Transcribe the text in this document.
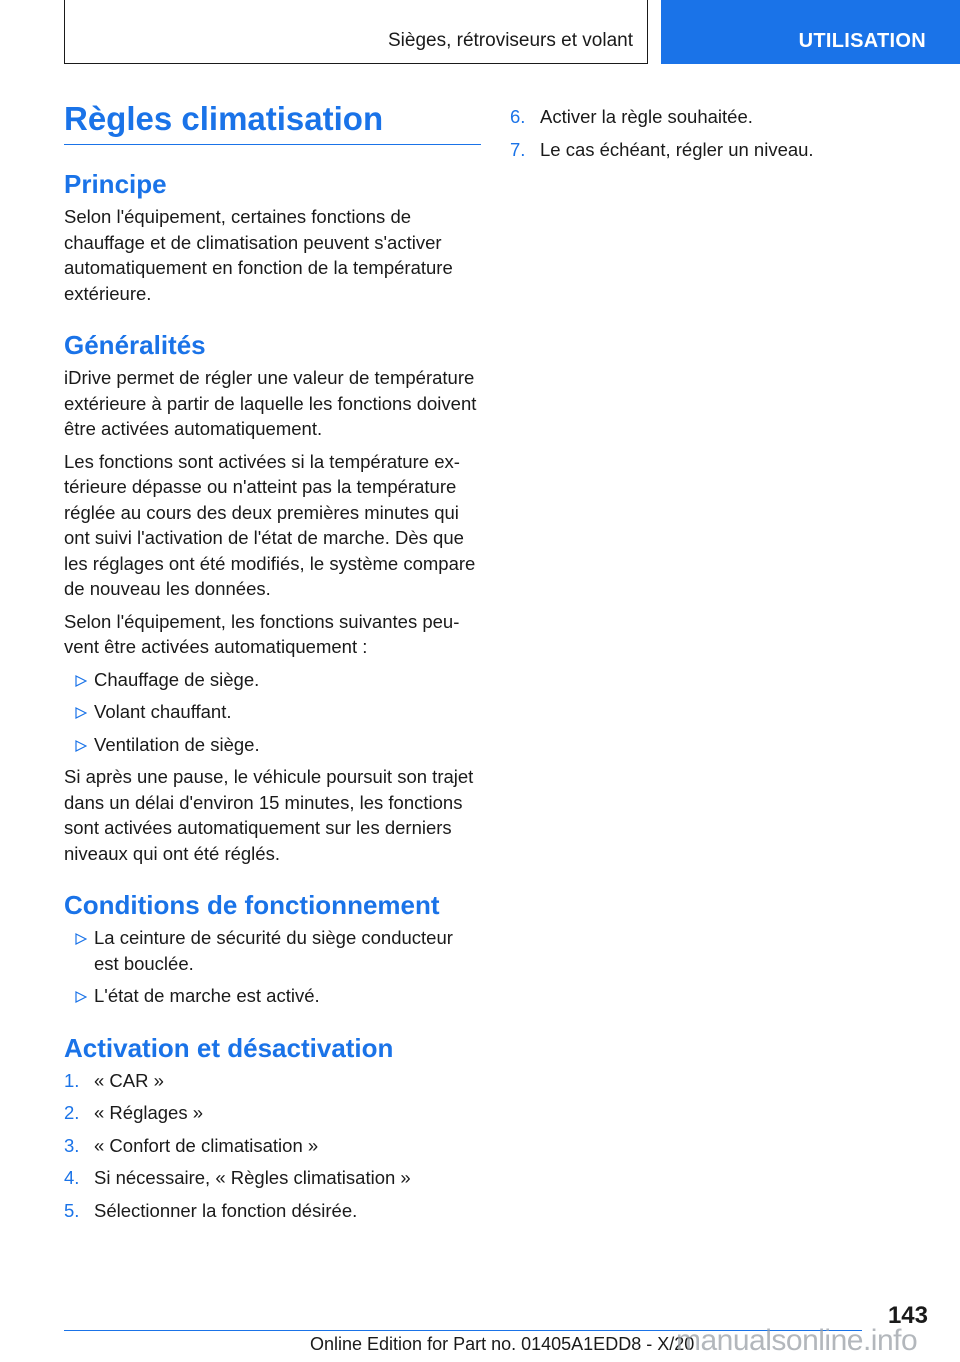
Sièges, rétroviseurs et volant	UTILISATION
Règles climatisation
Principe

Selon l'équipement, certaines fonctions de chauffage et de climatisation peuvent s'activer automatiquement en fonction de la température extérieure.

Généralités

iDrive permet de régler une valeur de température extérieure à partir de laquelle les fonctions doivent être activées automatiquement.

Les fonctions sont activées si la température extérieure dépasse ou n'atteint pas la température réglée au cours des deux premières minutes qui ont suivi l'activation de l'état de marche. Dès que les réglages ont été modifiés, le système compare de nouveau les données.

Selon l'équipement, les fonctions suivantes peuvent être activées automatiquement :

Chauffage de siège.
Volant chauffant.
Ventilation de siège.

Si après une pause, le véhicule poursuit son trajet dans un délai d'environ 15 minutes, les fonctions sont activées automatiquement sur les derniers niveaux qui ont été réglés.

Conditions de fonctionnement
La ceinture de sécurité du siège conducteur est bouclée.
L'état de marche est activé.
Activation et désactivation
1. « CAR »
2. « Réglages »
3. « Confort de climatisation »
4. Si nécessaire, « Règles climatisation »
5. Sélectionner la fonction désirée.
6. Activer la règle souhaitée.
7. Le cas échéant, régler un niveau.
143
Online Edition for Part no. 01405A1EDD8 - X/20
manualsonline.info
